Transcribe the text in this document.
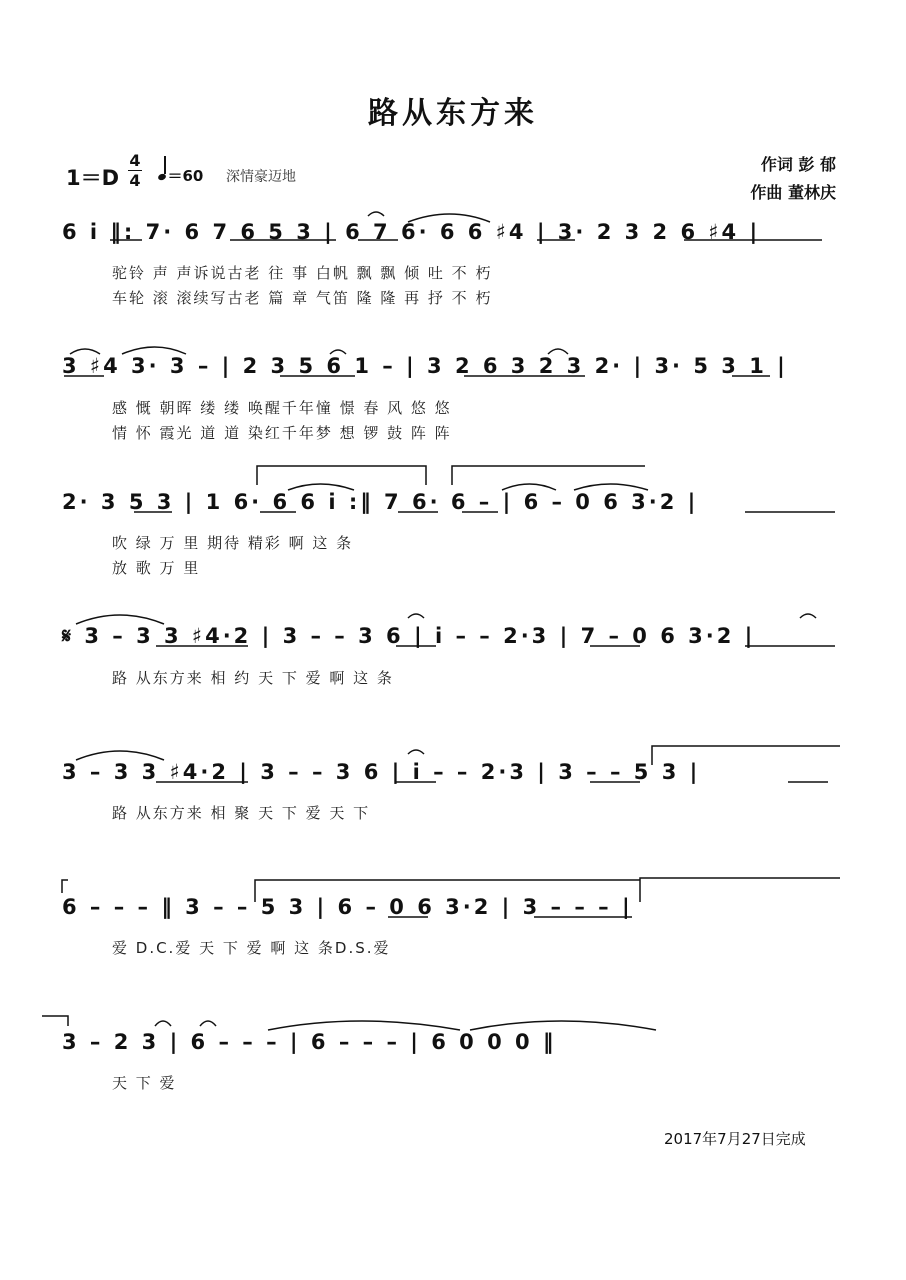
路从东方来
1＝D
4
4	＝60 深情豪迈地
作词 彭 郁
作曲 董林庆
6 i ‖: 7· 6 7 6 5 3 | 6 7 6· 6 6 ♯4 | 3· 2 3 2 6 ♯4 |
驼铃 声 声诉说古老 往 事 白帆 飘 飘 倾 吐 不 朽
车轮 滚 滚续写古老 篇 章 气笛 隆 隆 再 抒 不 朽
3 ♯4 3· 3 – | 2 3 5 6 1 – | 3 2 6 3 2 3 2· | 3· 5 3 1 |
感 慨 朝晖 缕 缕 唤醒千年憧 憬 春 风 悠 悠
情 怀 霞光 道 道 染红千年梦 想 锣 鼓 阵 阵
2· 3 5 3 | 1 6· 6 6 i :‖ 7 6· 6 – | 6 – 0 6 3·2 |
吹 绿 万 里 期待 精彩 啊 这 条
放 歌 万 里
𝄋 3 – 3 3 ♯4·2 | 3 – – 3 6 | i – – 2·3 | 7 – 0 6 3·2 |
路 从东方来 相 约 天 下 爱 啊 这 条
3 – 3 3 ♯4·2 | 3 – – 3 6 | i – – 2·3 | 3 – – 5 3 |
路 从东方来 相 聚 天 下 爱 天 下
6 – – – ‖ 3 – – 5 3 | 6 – 0 6 3·2 | 3 – – – |
爱 D.C.爱 天 下 爱 啊 这 条D.S.爱
3 – 2 3 | 6 – – – | 6 – – – | 6 0 0 0 ‖
天 下 爱
2017年7月27日完成
